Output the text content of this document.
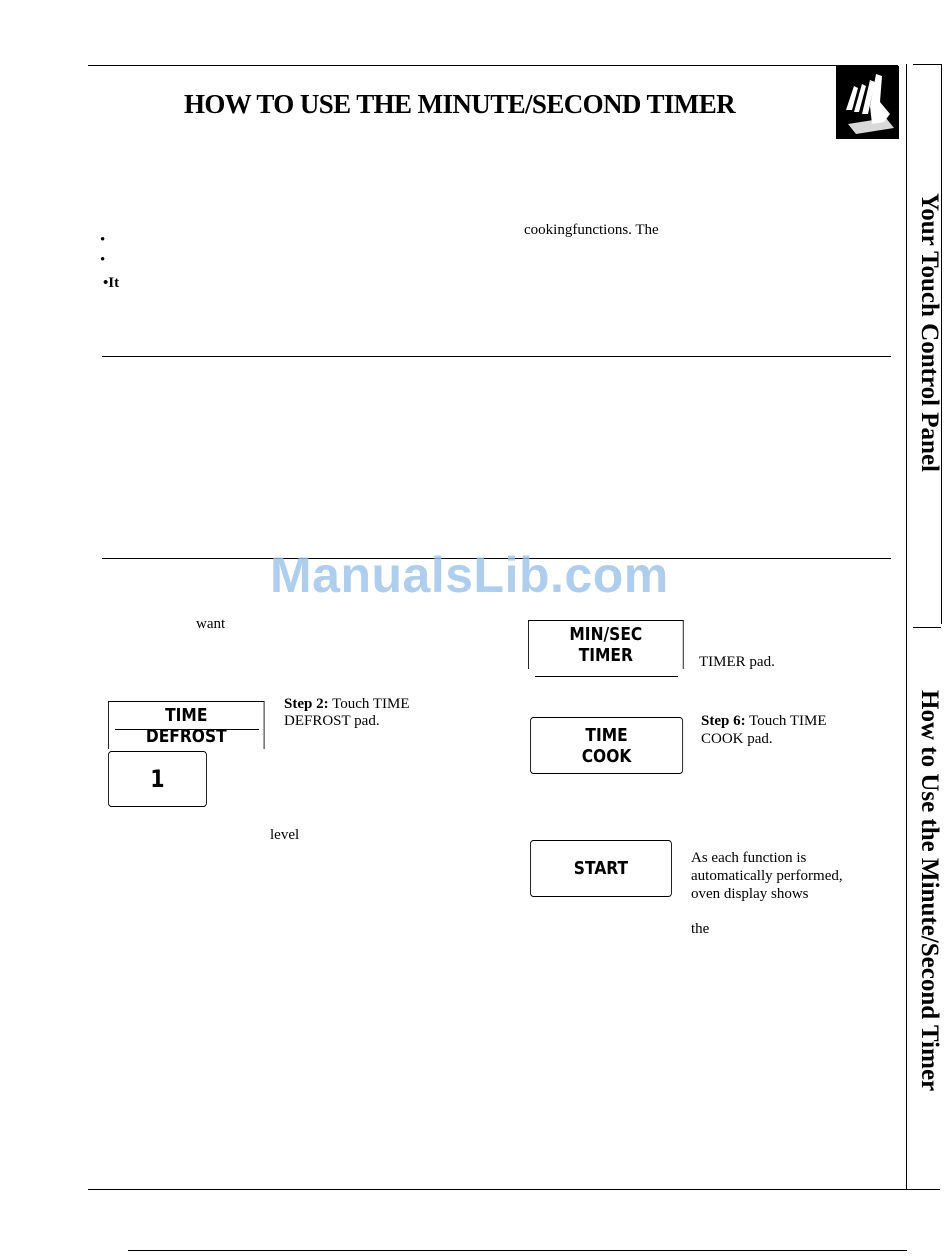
HOW TO USE THE MINUTE/SECOND TIMER
cookingfunctions. The
•
•
•It
ManualsLib.com
want
TIME
DEFROST
Step 2: Touch TIME
DEFROST pad.
1
level
MIN/SEC
TIMER	TIMER pad.
TIME
COOK
Step 6: Touch TIME
COOK pad.
START	As each function is
automatically performed,
oven display shows
the
Your Touch Control Panel
How to Use the Minute/Second Timer
